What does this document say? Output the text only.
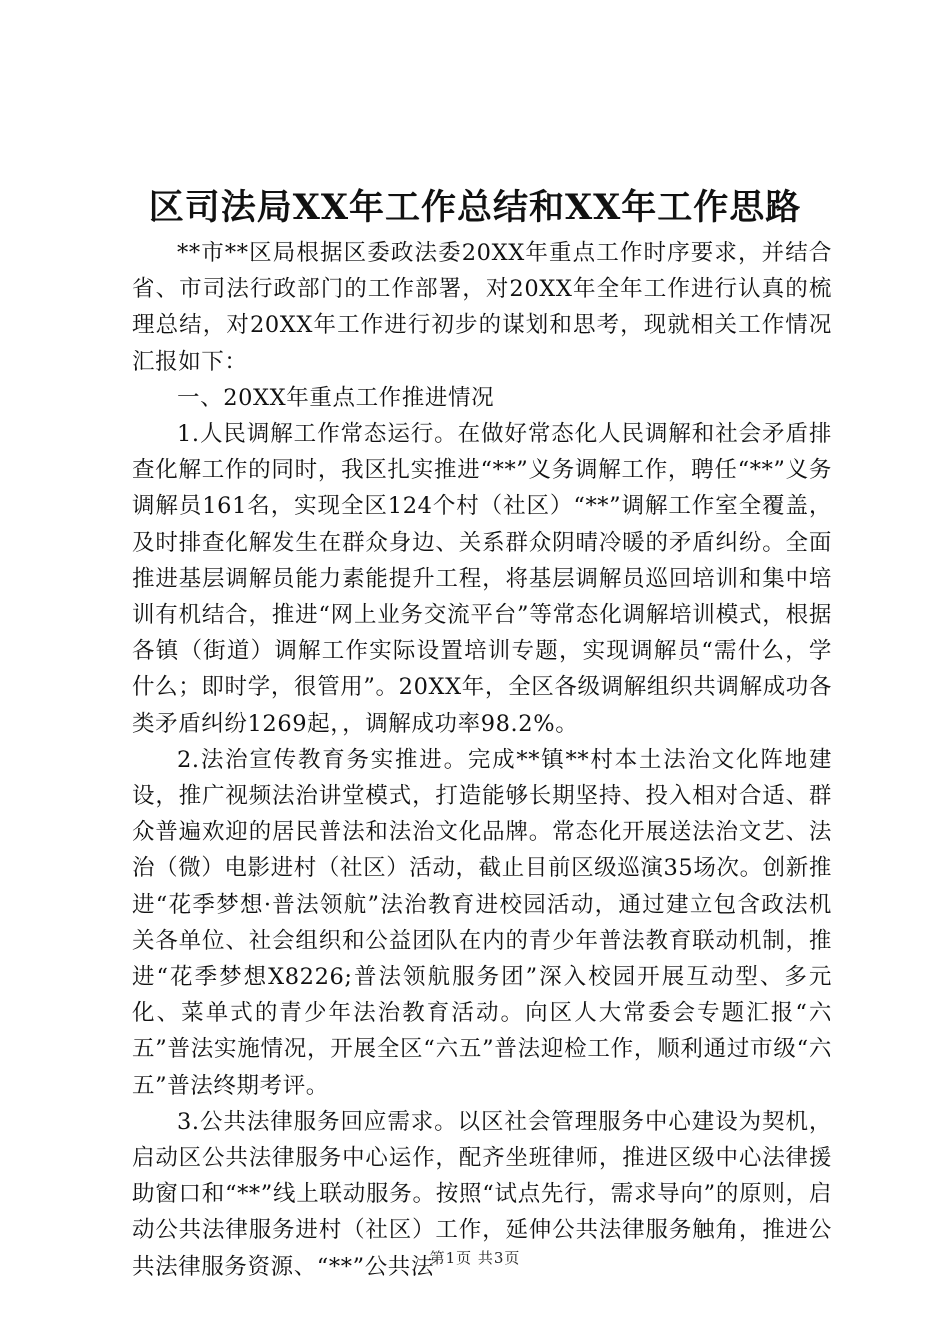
区司法局XX年工作总结和XX年工作思路

**市**区局根据区委政法委20XX年重点工作时序要求，并结合省、市司法行政部门的工作部署，对20XX年全年工作进行认真的梳理总结，对20XX年工作进行初步的谋划和思考，现就相关工作情况汇报如下：

一、20XX年重点工作推进情况

1.人民调解工作常态运行。在做好常态化人民调解和社会矛盾排查化解工作的同时，我区扎实推进“**”义务调解工作，聘任“**”义务调解员161名，实现全区124个村（社区）“**”调解工作室全覆盖，及时排查化解发生在群众身边、关系群众阴晴冷暖的矛盾纠纷。全面推进基层调解员能力素能提升工程，将基层调解员巡回培训和集中培训有机结合，推进“网上业务交流平台”等常态化调解培训模式，根据各镇（街道）调解工作实际设置培训专题，实现调解员“需什么，学什么；即时学，很管用”。20XX年，全区各级调解组织共调解成功各类矛盾纠纷1269起，，调解成功率98.2%。

2.法治宣传教育务实推进。完成**镇**村本土法治文化阵地建设，推广视频法治讲堂模式，打造能够长期坚持、投入相对合适、群众普遍欢迎的居民普法和法治文化品牌。常态化开展送法治文艺、法治（微）电影进村（社区）活动，截止目前区级巡演35场次。创新推进“花季梦想·普法领航”法治教育进校园活动，通过建立包含政法机关各单位、社会组织和公益团队在内的青少年普法教育联动机制，推进“花季梦想X8226;普法领航服务团”深入校园开展互动型、多元化、菜单式的青少年法治教育活动。向区人大常委会专题汇报“六五”普法实施情况，开展全区“六五”普法迎检工作，顺利通过市级“六五”普法终期考评。

3.公共法律服务回应需求。以区社会管理服务中心建设为契机，启动区公共法律服务中心运作，配齐坐班律师，推进区级中心法律援助窗口和“**”线上联动服务。按照“试点先行，需求导向”的原则，启动公共法律服务进村（社区）工作，延伸公共法律服务触角，推进公共法律服务资源、“**”公共法

第1页 共3页
